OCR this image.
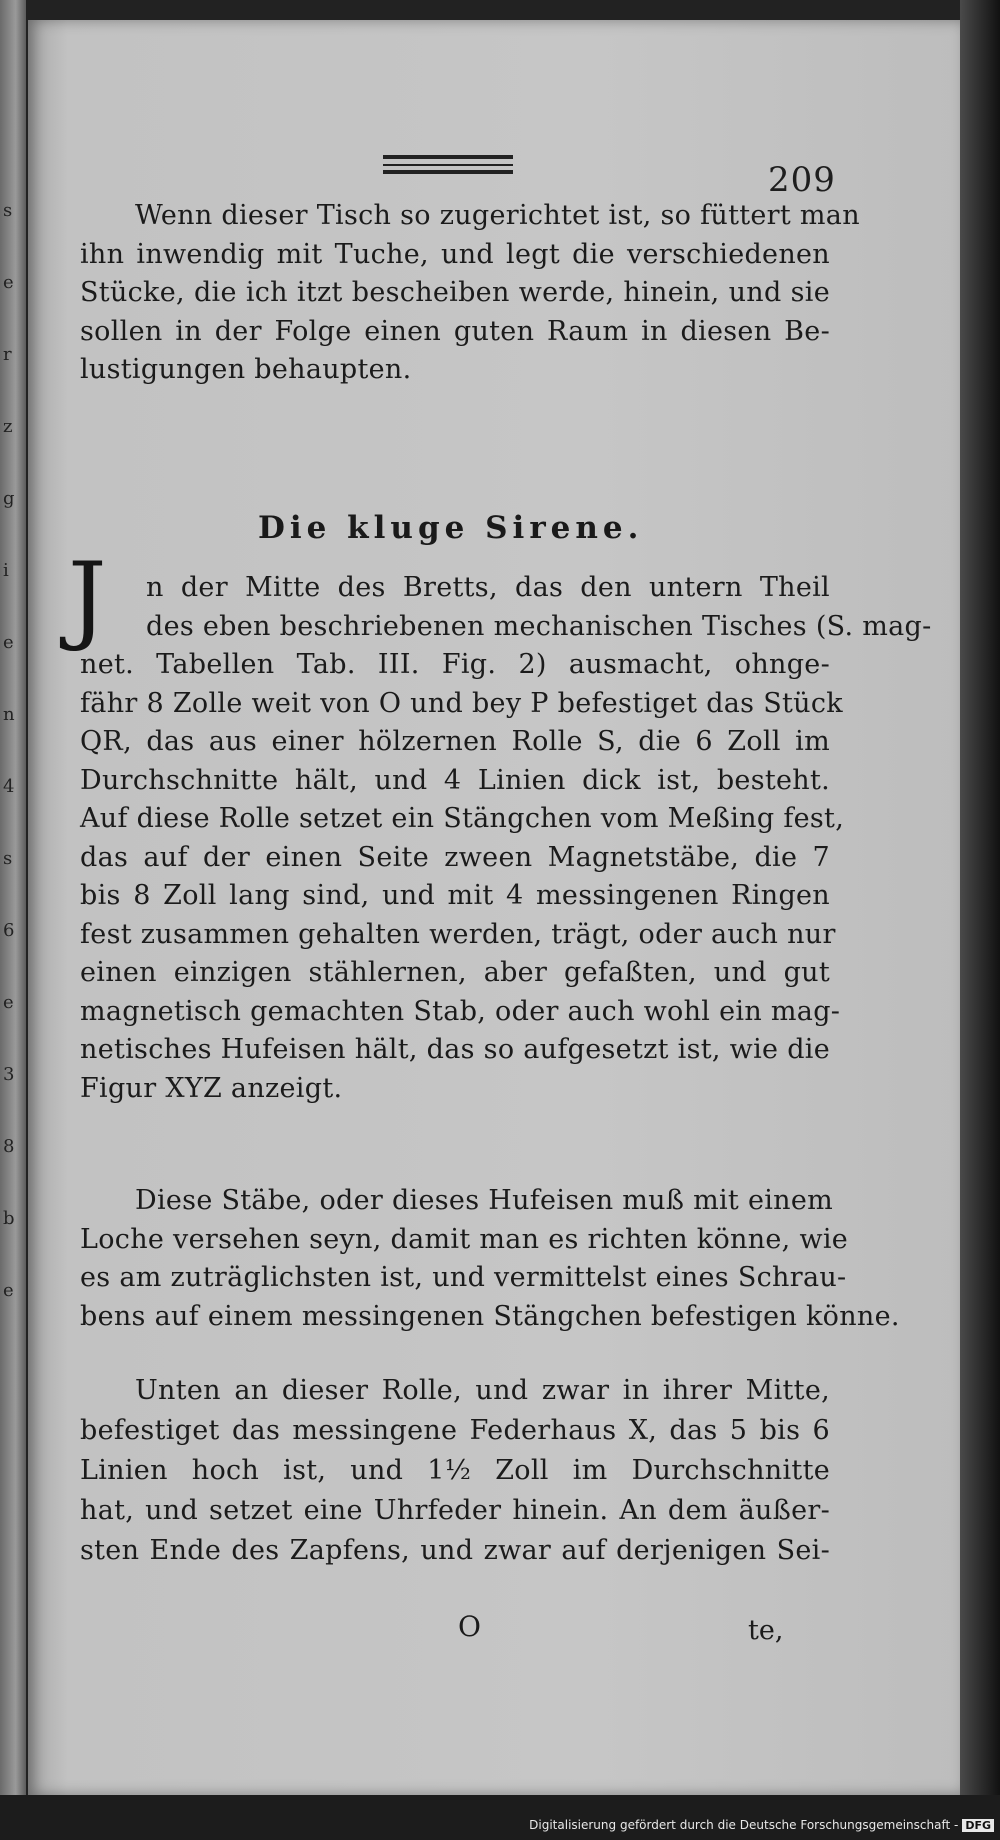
s
e
r
z
g
i
e
n
4
s
6
e
3
8
b
e
209
Wenn dieser Tisch so zugerichtet ist, so füttert man
ihn inwendig mit Tuche, und legt die verschiedenen
Stücke, die ich itzt bescheiben werde, hinein, und sie
sollen in der Folge einen guten Raum in diesen Be-
lustigungen behaupten.
Die kluge Sirene.
J n der Mitte des Bretts, das den untern Theil
des eben beschriebenen mechanischen Tisches (S. mag-
net. Tabellen Tab. III. Fig. 2) ausmacht, ohnge-
fähr 8 Zolle weit von O und bey P befestiget das Stück
QR, das aus einer hölzernen Rolle S, die 6 Zoll im
Durchschnitte hält, und 4 Linien dick ist, besteht.
Auf diese Rolle setzet ein Stängchen vom Meßing fest,
das auf der einen Seite zween Magnetstäbe, die 7
bis 8 Zoll lang sind, und mit 4 messingenen Ringen
fest zusammen gehalten werden, trägt, oder auch nur
einen einzigen stählernen, aber gefaßten, und gut
magnetisch gemachten Stab, oder auch wohl ein mag-
netisches Hufeisen hält, das so aufgesetzt ist, wie die
Figur XYZ anzeigt.
Diese Stäbe, oder dieses Hufeisen muß mit einem
Loche versehen seyn, damit man es richten könne, wie
es am zuträglichsten ist, und vermittelst eines Schrau-
bens auf einem messingenen Stängchen befestigen könne.
Unten an dieser Rolle, und zwar in ihrer Mitte,
befestiget das messingene Federhaus X, das 5 bis 6
Linien hoch ist, und 1½ Zoll im Durchschnitte
hat, und setzet eine Uhrfeder hinein. An dem äußer-
sten Ende des Zapfens, und zwar auf derjenigen Sei-
O	te,
Digitalisierung gefördert durch die Deutsche Forschungsgemeinschaft - DFG
